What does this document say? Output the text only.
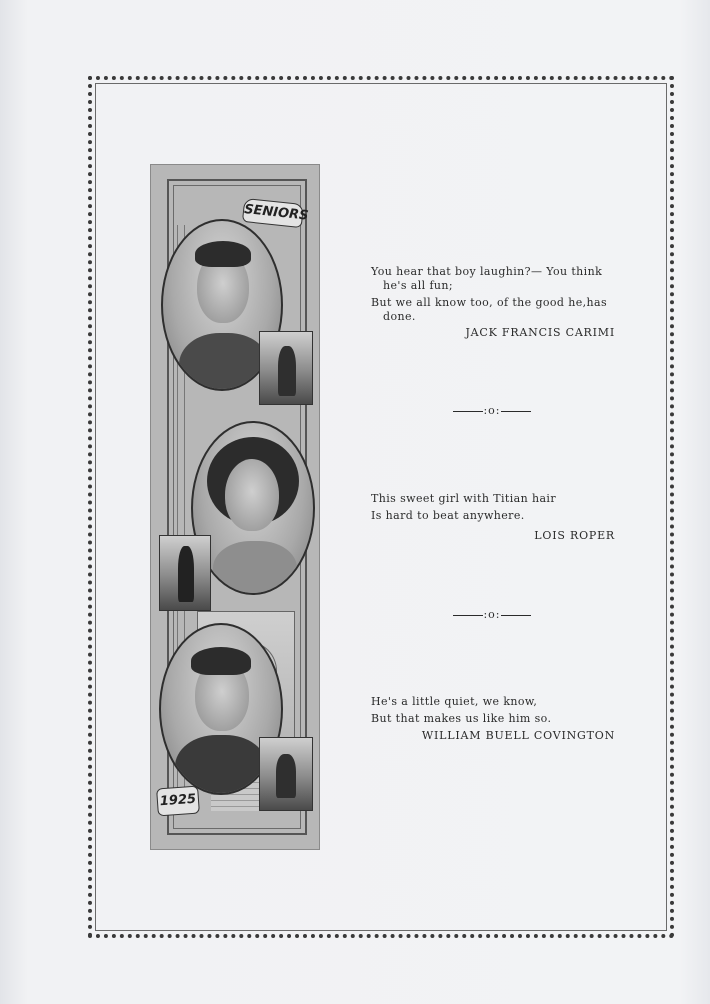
SENIORS
1925
You hear that boy laughin?— You think
he's all fun;
But we all know too, of the good he,has
done.
JACK FRANCIS CARIMI
:o:
This sweet girl with Titian hair
Is hard to beat anywhere.
LOIS ROPER
:o:
He's a little quiet, we know,
But that makes us like him so.
WILLIAM BUELL COVINGTON
